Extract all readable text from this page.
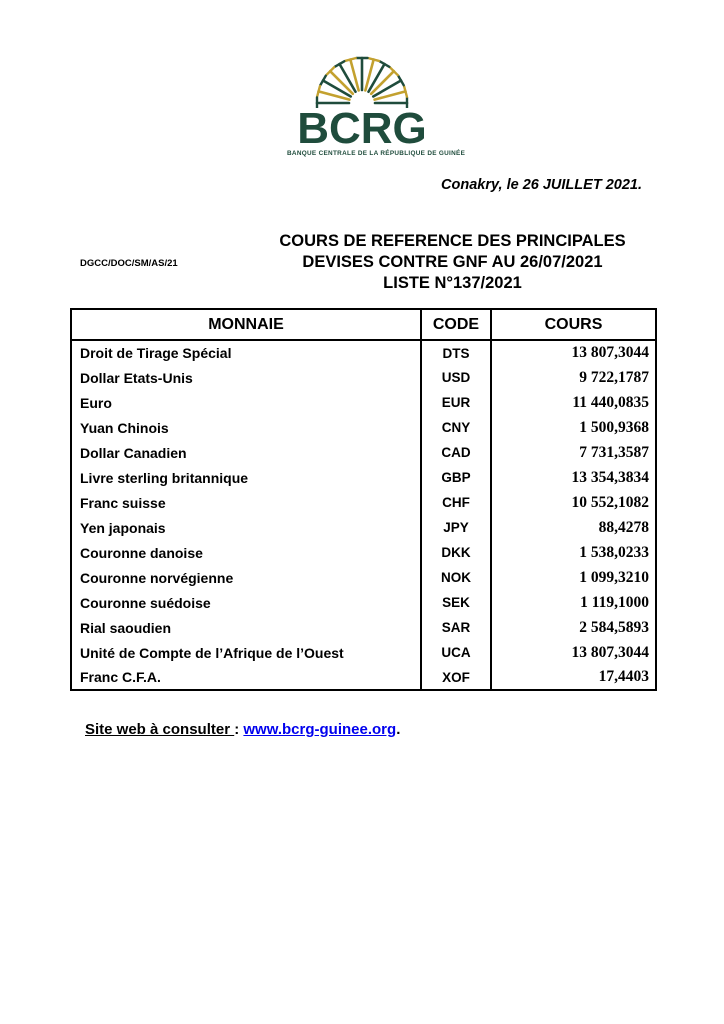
BCRG
BANQUE CENTRALE DE LA RÉPUBLIQUE DE GUINÉE
Conakry, le 26 JUILLET 2021.
DGCC/DOC/SM/AS/21
COURS DE REFERENCE DES PRINCIPALES
DEVISES CONTRE GNF AU 26/07/2021
LISTE N°137/2021
MONNAIE	CODE	COURS
Droit de Tirage Spécial	DTS	13 807,3044
Dollar Etats-Unis	USD	9 722,1787
Euro	EUR	11 440,0835
Yuan Chinois	CNY	1 500,9368
Dollar Canadien	CAD	7 731,3587
Livre sterling britannique	GBP	13 354,3834
Franc suisse	CHF	10 552,1082
Yen japonais	JPY	88,4278
Couronne danoise	DKK	1 538,0233
Couronne norvégienne	NOK	1 099,3210
Couronne suédoise	SEK	1 119,1000
Rial saoudien	SAR	2 584,5893
Unité de Compte de l’Afrique de l’Ouest	UCA	13 807,3044
Franc C.F.A.	XOF	17,4403
Site web à consulter : www.bcrg-guinee.org.
